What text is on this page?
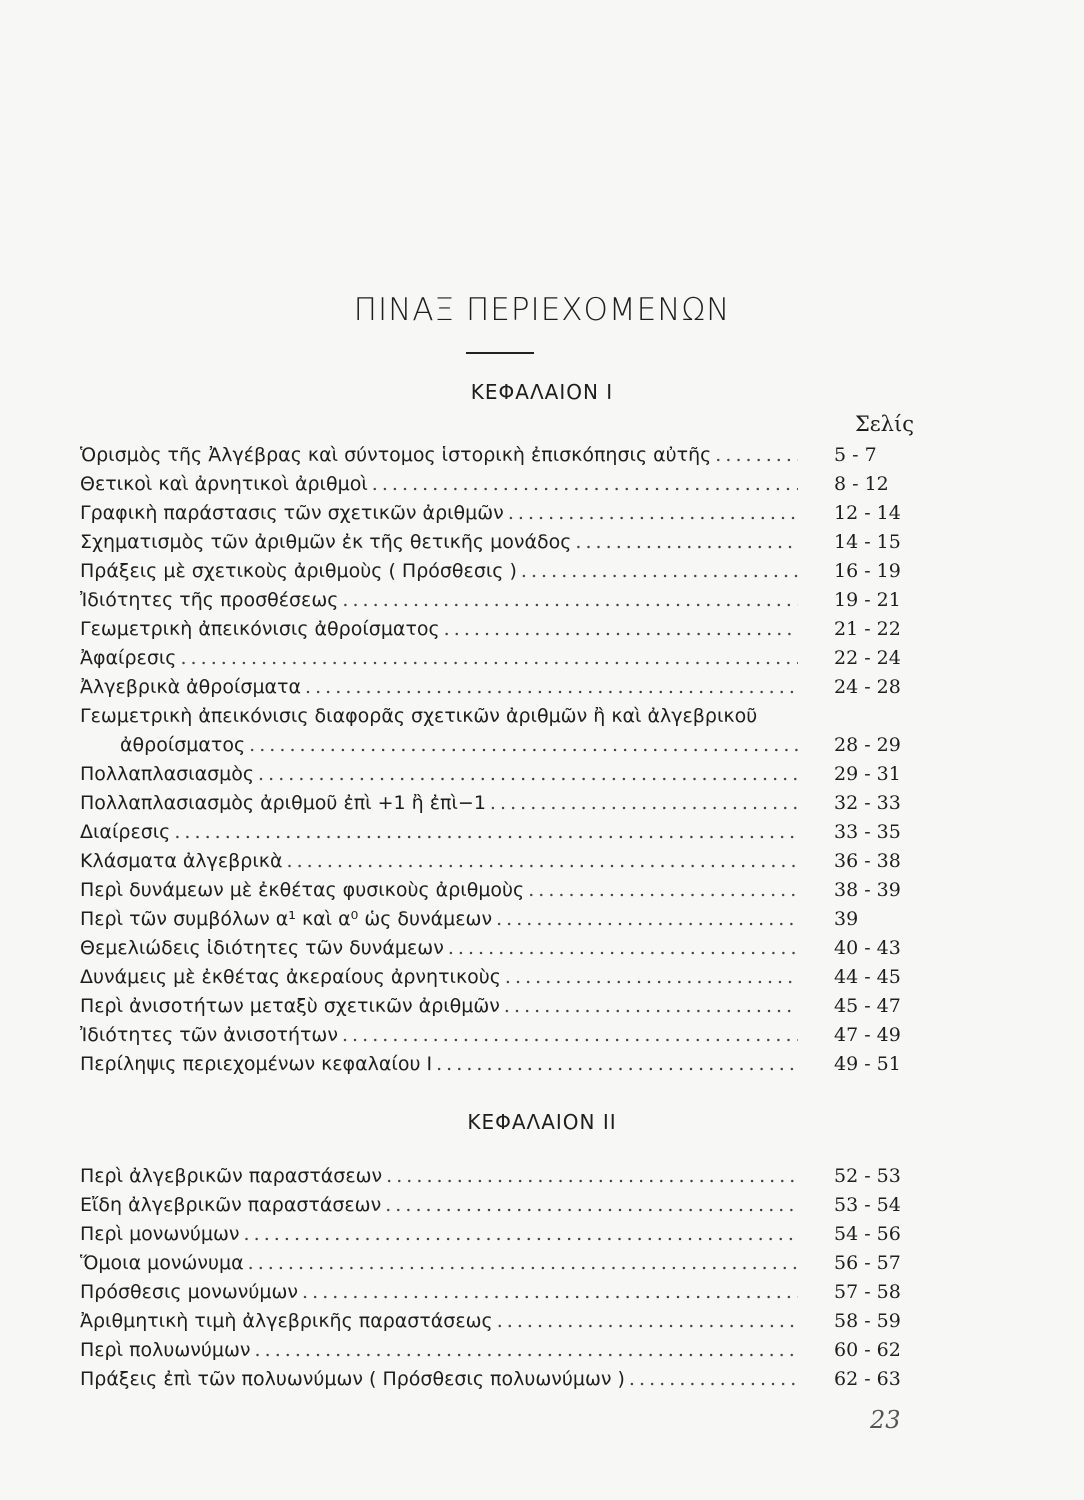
ΠΙΝΑΞ ΠΕΡΙΕΧΟΜΕΝΩΝ
ΚΕΦΑΛΑΙΟΝ Ι
Σελίς
Ὁρισμὸς τῆς Ἀλγέβρας καὶ σύντομος ἱστορικὴ ἐπισκόπησις αὐτῆς . . .	5 - 7
Θετικοὶ καὶ ἀρνητικοὶ ἀριθμοὶ . . .	8 - 12
Γραφικὴ παράστασις τῶν σχετικῶν ἀριθμῶν . . .	12 - 14
Σχηματισμὸς τῶν ἀριθμῶν ἐκ τῆς θετικῆς μονάδος . . .	14 - 15
Πράξεις μὲ σχετικοὺς ἀριθμοὺς ( Πρόσθεσις ) . . .	16 - 19
Ἰδιότητες τῆς προσθέσεως . . .	19 - 21
Γεωμετρικὴ ἀπεικόνισις ἀθροίσματος . . .	21 - 22
Ἀφαίρεσις . . .	22 - 24
Ἀλγεβρικὰ ἀθροίσματα . . .	24 - 28
Γεωμετρικὴ ἀπεικόνισις διαφορᾶς σχετικῶν ἀριθμῶν ἢ καὶ ἀλγεβρικοῦ
ἀθροίσματος . . .	28 - 29
Πολλαπλασιασμὸς . . .	29 - 31
Πολλαπλασιασμὸς ἀριθμοῦ ἐπὶ +1 ἢ ἐπὶ−1 . . .	32 - 33
Διαίρεσις . . .	33 - 35
Κλάσματα ἀλγεβρικὰ . . .	36 - 38
Περὶ δυνάμεων μὲ ἐκθέτας φυσικοὺς ἀριθμοὺς . . .	38 - 39
Περὶ τῶν συμβόλων α¹ καὶ α⁰ ὡς δυνάμεων . . .	39
Θεμελιώδεις ἰδιότητες τῶν δυνάμεων . . .	40 - 43
Δυνάμεις μὲ ἐκθέτας ἀκεραίους ἀρνητικοὺς . . .	44 - 45
Περὶ ἀνισοτήτων μεταξὺ σχετικῶν ἀριθμῶν . . .	45 - 47
Ἰδιότητες τῶν ἀνισοτήτων . . .	47 - 49
Περίληψις περιεχομένων κεφαλαίου Ι . . .	49 - 51
ΚΕΦΑΛΑΙΟΝ ΙΙ
Περὶ ἀλγεβρικῶν παραστάσεων . . .	52 - 53
Εἴδη ἀλγεβρικῶν παραστάσεων . . .	53 - 54
Περὶ μονωνύμων . . .	54 - 56
Ὅμοια μονώνυμα . . .	56 - 57
Πρόσθεσις μονωνύμων . . .	57 - 58
Ἀριθμητικὴ τιμὴ ἀλγεβρικῆς παραστάσεως . . .	58 - 59
Περὶ πολυωνύμων . . .	60 - 62
Πράξεις ἐπὶ τῶν πολυωνύμων ( Πρόσθεσις πολυωνύμων ) . . .	62 - 63
23
